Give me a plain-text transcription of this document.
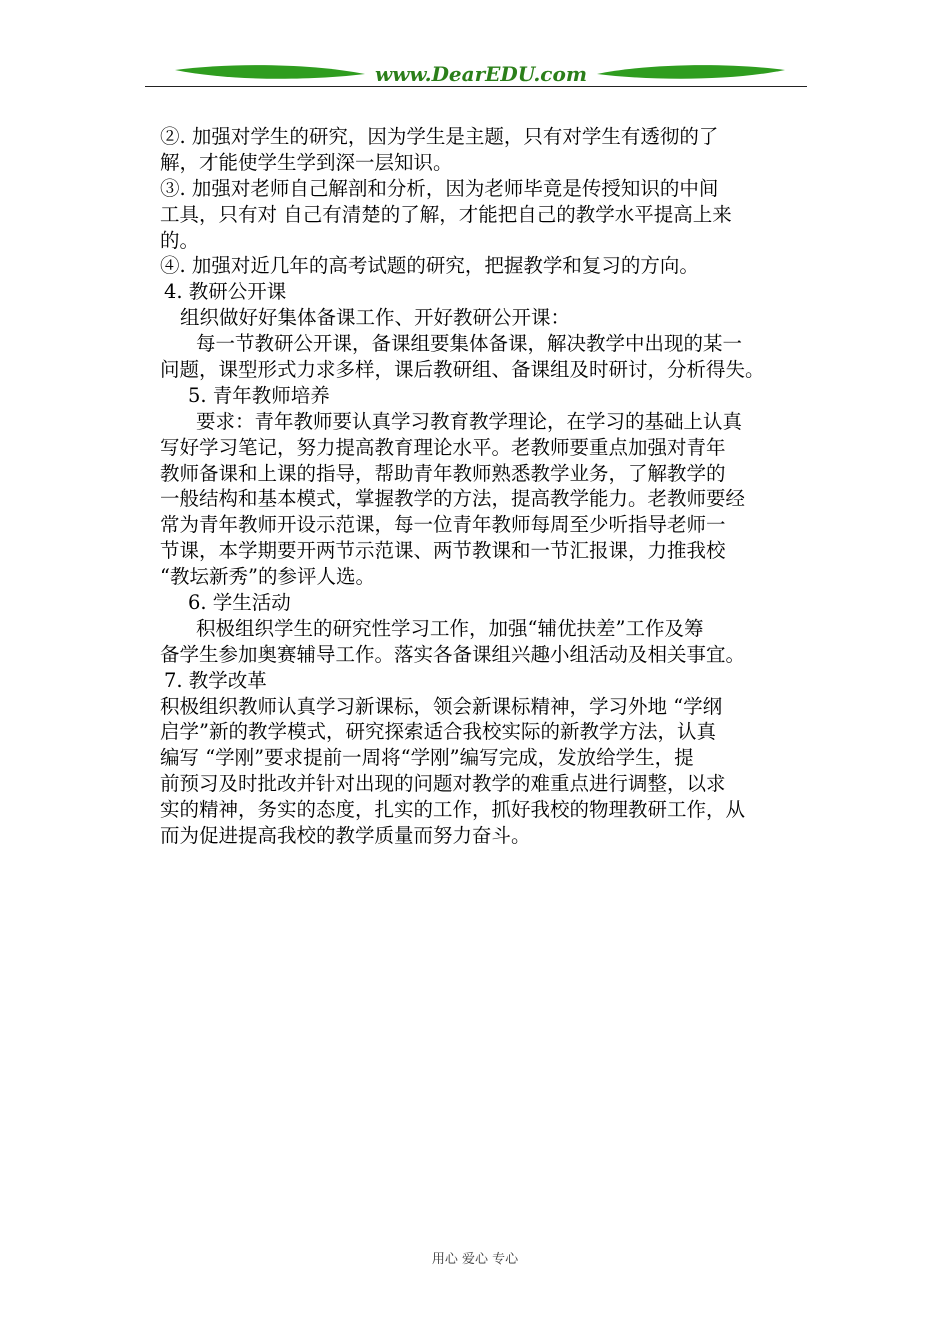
www.DearEDU.com
②. 加强对学生的研究，因为学生是主题，只有对学生有透彻的了
解，才能使学生学到深一层知识。
③. 加强对老师自己解剖和分析，因为老师毕竟是传授知识的中间
工具，只有对 自己有清楚的了解，才能把自己的教学水平提高上来
的。
④. 加强对近几年的高考试题的研究，把握教学和复习的方向。
4. 教研公开课
组织做好好集体备课工作、开好教研公开课：
每一节教研公开课，备课组要集体备课，解决教学中出现的某一
问题，课型形式力求多样，课后教研组、备课组及时研讨，分析得失。
5. 青年教师培养
要求：青年教师要认真学习教育教学理论，在学习的基础上认真
写好学习笔记，努力提高教育理论水平。老教师要重点加强对青年
教师备课和上课的指导，帮助青年教师熟悉教学业务，了解教学的
一般结构和基本模式，掌握教学的方法，提高教学能力。老教师要经
常为青年教师开设示范课，每一位青年教师每周至少听指导老师一
节课，本学期要开两节示范课、两节教课和一节汇报课，力推我校
“教坛新秀”的参评人选。
6. 学生活动
积极组织学生的研究性学习工作，加强“辅优扶差”工作及筹
备学生参加奥赛辅导工作。落实各备课组兴趣小组活动及相关事宜。
7. 教学改革
积极组织教师认真学习新课标，领会新课标精神，学习外地 “学纲
启学”新的教学模式，研究探索适合我校实际的新教学方法，认真
编写 “学刚”要求提前一周将“学刚”编写完成，发放给学生，提
前预习及时批改并针对出现的问题对教学的难重点进行调整，以求
实的精神，务实的态度，扎实的工作，抓好我校的物理教研工作，从
而为促进提高我校的教学质量而努力奋斗。
用心 爱心 专心
